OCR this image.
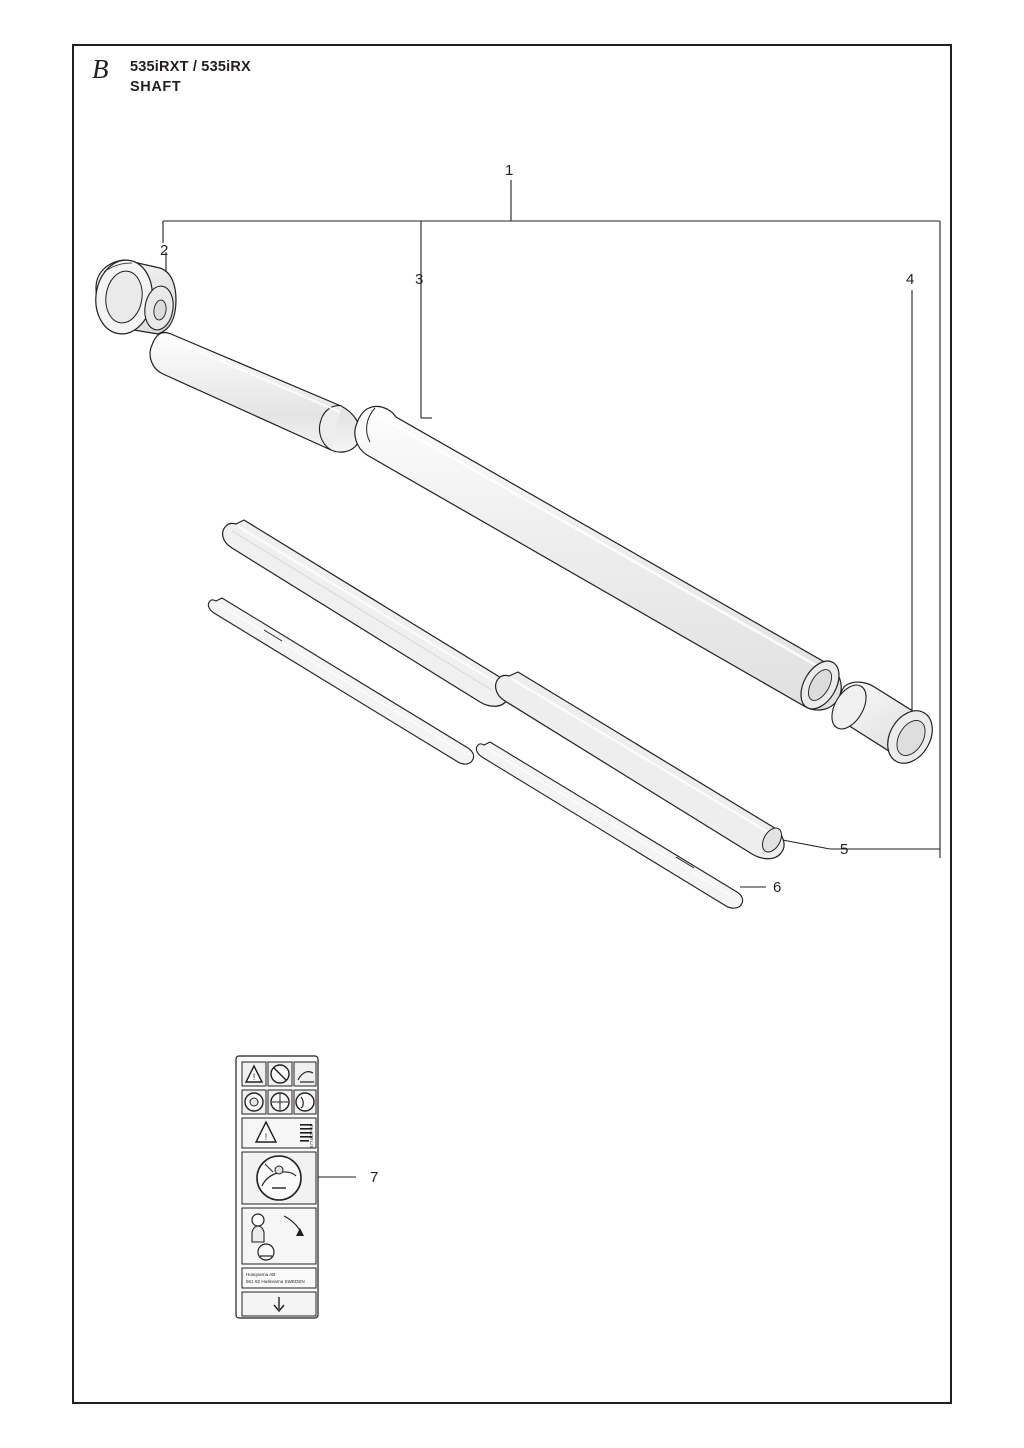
B 535iRXT / 535iRX
SHAFT
!
!
Husqvarna AB
561 82 Huskvarna SWEDEN
5774527-01
1
2
3	4
5
6
7
